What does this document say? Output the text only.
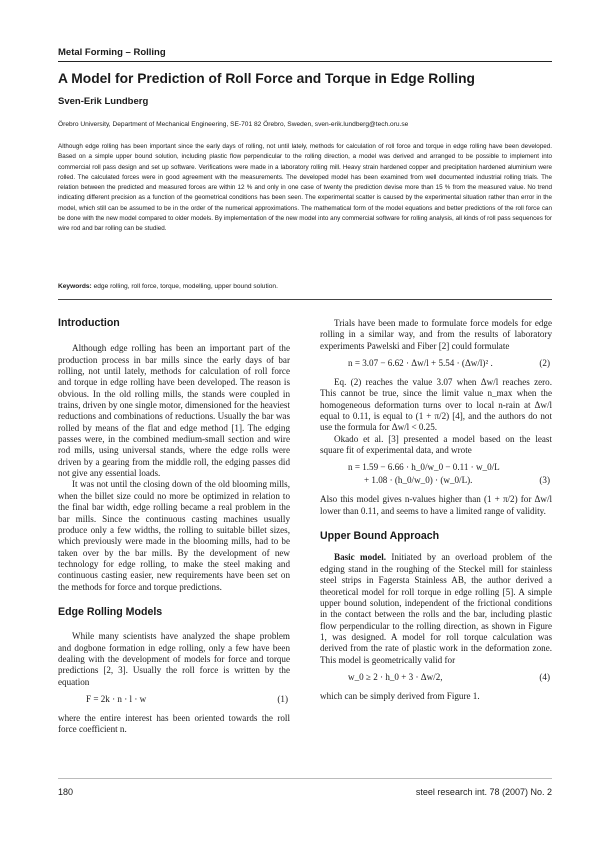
Metal Forming – Rolling
A Model for Prediction of Roll Force and Torque in Edge Rolling
Sven-Erik Lundberg
Örebro University, Department of Mechanical Engineering, SE-701 82 Örebro, Sweden, sven-erik.lundberg@tech.oru.se
Although edge rolling has been important since the early days of rolling, not until lately, methods for calculation of roll force and torque in edge rolling have been developed. Based on a simple upper bound solution, including plastic flow perpendicular to the rolling direction, a model was derived and arranged to be possible to implement into commercial roll pass design and set up software. Verifications were made in a laboratory rolling mill. Heavy strain hardened copper and precipitation hardened aluminium were rolled. The calculated forces were in good agreement with the measurements. The developed model has been examined from well documented industrial rolling trials. The relation between the predicted and measured forces are within 12 % and only in one case of twenty the prediction devise more than 15 % from the measured value. No trend indicating different precision as a function of the geometrical conditions has been seen. The experimental scatter is caused by the experimental situation rather than error in the model, which still can be assumed to be in the order of the numerical approximations. The mathematical form of the model equations and better predictions of the roll force can be done with the new model compared to older models. By implementation of the new model into any commercial software for rolling analysis, all kinds of roll pass sequences for wire rod and bar rolling can be studied.
Keywords: edge rolling, roll force, torque, modelling, upper bound solution.
Introduction

Although edge rolling has been an important part of the production process in bar mills since the early days of bar rolling, not until lately, methods for calculation of roll force and torque in edge rolling have been developed. The reason is obvious. In the old rolling mills, the stands were coupled in trains, driven by one single motor, dimensioned for the heaviest reductions and combinations of reductions. Usually the bar was rolled by means of the flat and edge method [1]. The edging passes were, in the combined medium-small section and wire rod mills, using universal stands, where the edge rolls were driven by a gearing from the middle roll, the edging passes did not give any essential loads.

It was not until the closing down of the old blooming mills, when the billet size could no more be optimized in relation to the final bar width, edge rolling became a real problem in the bar mills. Since the continuous casting machines usually produce only a few widths, the rolling to suitable billet sizes, which previously were made in the blooming mills, had to be taken over by the bar mills. By the development of new technology for edge rolling, to make the steel making and continuous casting easier, new requirements have been set on the methods for force and torque predictions.

Edge Rolling Models

While many scientists have analyzed the shape problem and dogbone formation in edge rolling, only a few have been dealing with the development of models for force and torque predictions [2, 3]. Usually the roll force is written by the equation

F = 2k · n · l · w	(1)

where the entire interest has been oriented towards the roll force coefficient n.

Trials have been made to formulate force models for edge rolling in a similar way, and from the results of laboratory experiments Pawelski and Fiber [2] could formulate

n = 3.07 − 6.62 · Δw/l + 5.54 · (Δw/l)² .	(2)

Eq. (2) reaches the value 3.07 when Δw/l reaches zero. This cannot be true, since the limit value n_max when the homogeneous deformation turns over to local n-rain at Δw/l equal to 0.11, is equal to (1 + π/2) [4], and the authors do not use the formula for Δw/l < 0.25.

Okado et al. [3] presented a model based on the least square fit of experimental data, and wrote

n = 1.59 − 6.66 · h_0/w_0 − 0.11 · w_0/L
+ 1.08 · (h_0/w_0) · (w_0/L).	(3)

Also this model gives n-values higher than (1 + π/2) for Δw/l lower than 0.11, and seems to have a limited range of validity.

Upper Bound Approach

Basic model. Initiated by an overload problem of the edging stand in the roughing of the Steckel mill for stainless steel strips in Fagersta Stainless AB, the author derived a theoretical model for roll torque in edge rolling [5]. A simple upper bound solution, independent of the frictional conditions in the contact between the rolls and the bar, including plastic flow perpendicular to the rolling direction, as shown in Figure 1, was designed. A model for roll torque calculation was derived from the rate of plastic work in the deformation zone. This model is geometrically valid for

w_0 ≥ 2 · h_0 + 3 · Δw/2,	(4)

which can be simply derived from Figure 1.

180	steel research int. 78 (2007) No. 2
